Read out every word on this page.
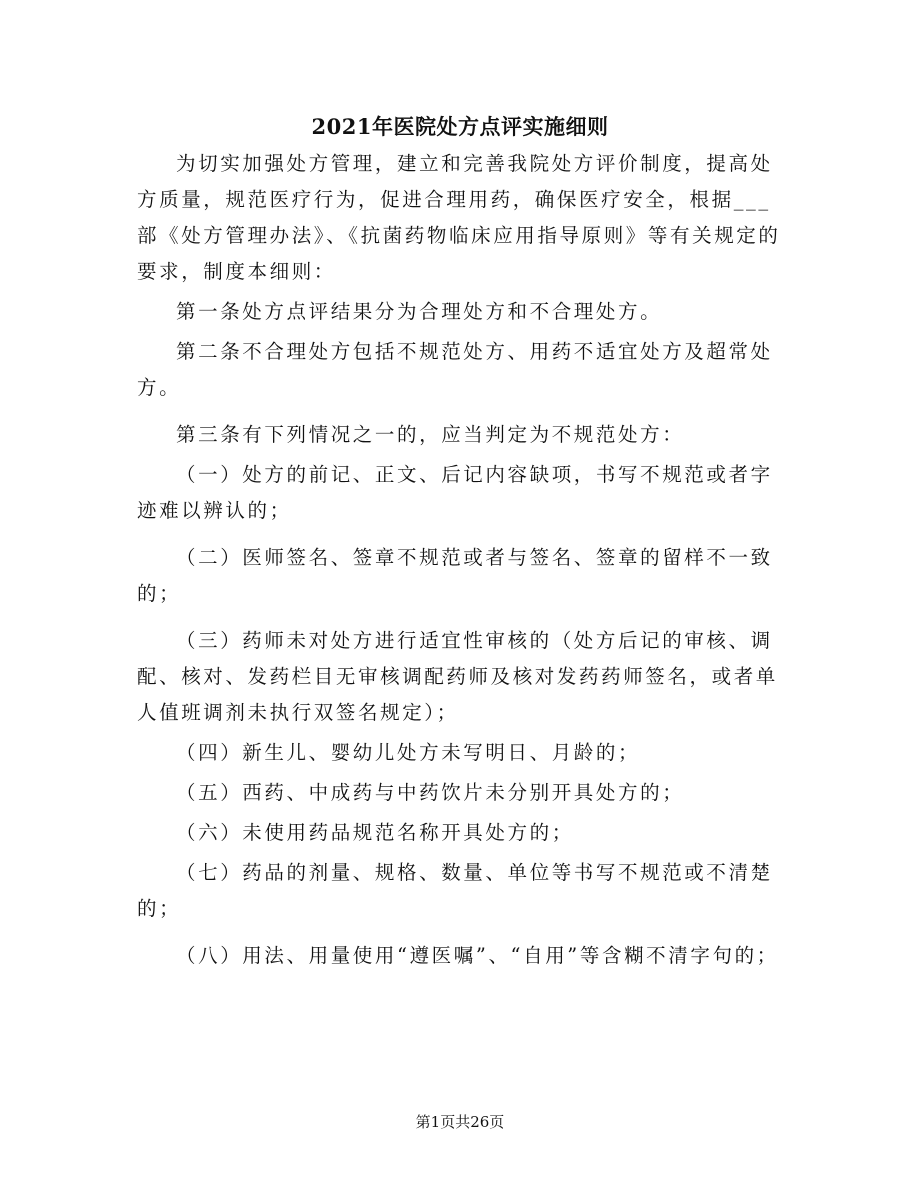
2021年医院处方点评实施细则

为切实加强处方管理，建立和完善我院处方评价制度，提高处方质量，规范医疗行为，促进合理用药，确保医疗安全，根据___部《处方管理办法》、《抗菌药物临床应用指导原则》等有关规定的要求，制度本细则：

第一条处方点评结果分为合理处方和不合理处方。

第二条不合理处方包括不规范处方、用药不适宜处方及超常处方。

第三条有下列情况之一的，应当判定为不规范处方：

（一）处方的前记、正文、后记内容缺项，书写不规范或者字迹难以辨认的；

（二）医师签名、签章不规范或者与签名、签章的留样不一致的；

（三）药师未对处方进行适宜性审核的（处方后记的审核、调配、核对、发药栏目无审核调配药师及核对发药药师签名，或者单人值班调剂未执行双签名规定）；

（四）新生儿、婴幼儿处方未写明日、月龄的；

（五）西药、中成药与中药饮片未分别开具处方的；

（六）未使用药品规范名称开具处方的；

（七）药品的剂量、规格、数量、单位等书写不规范或不清楚的；

（八）用法、用量使用“遵医嘱”、“自用”等含糊不清字句的；

第1页共26页
